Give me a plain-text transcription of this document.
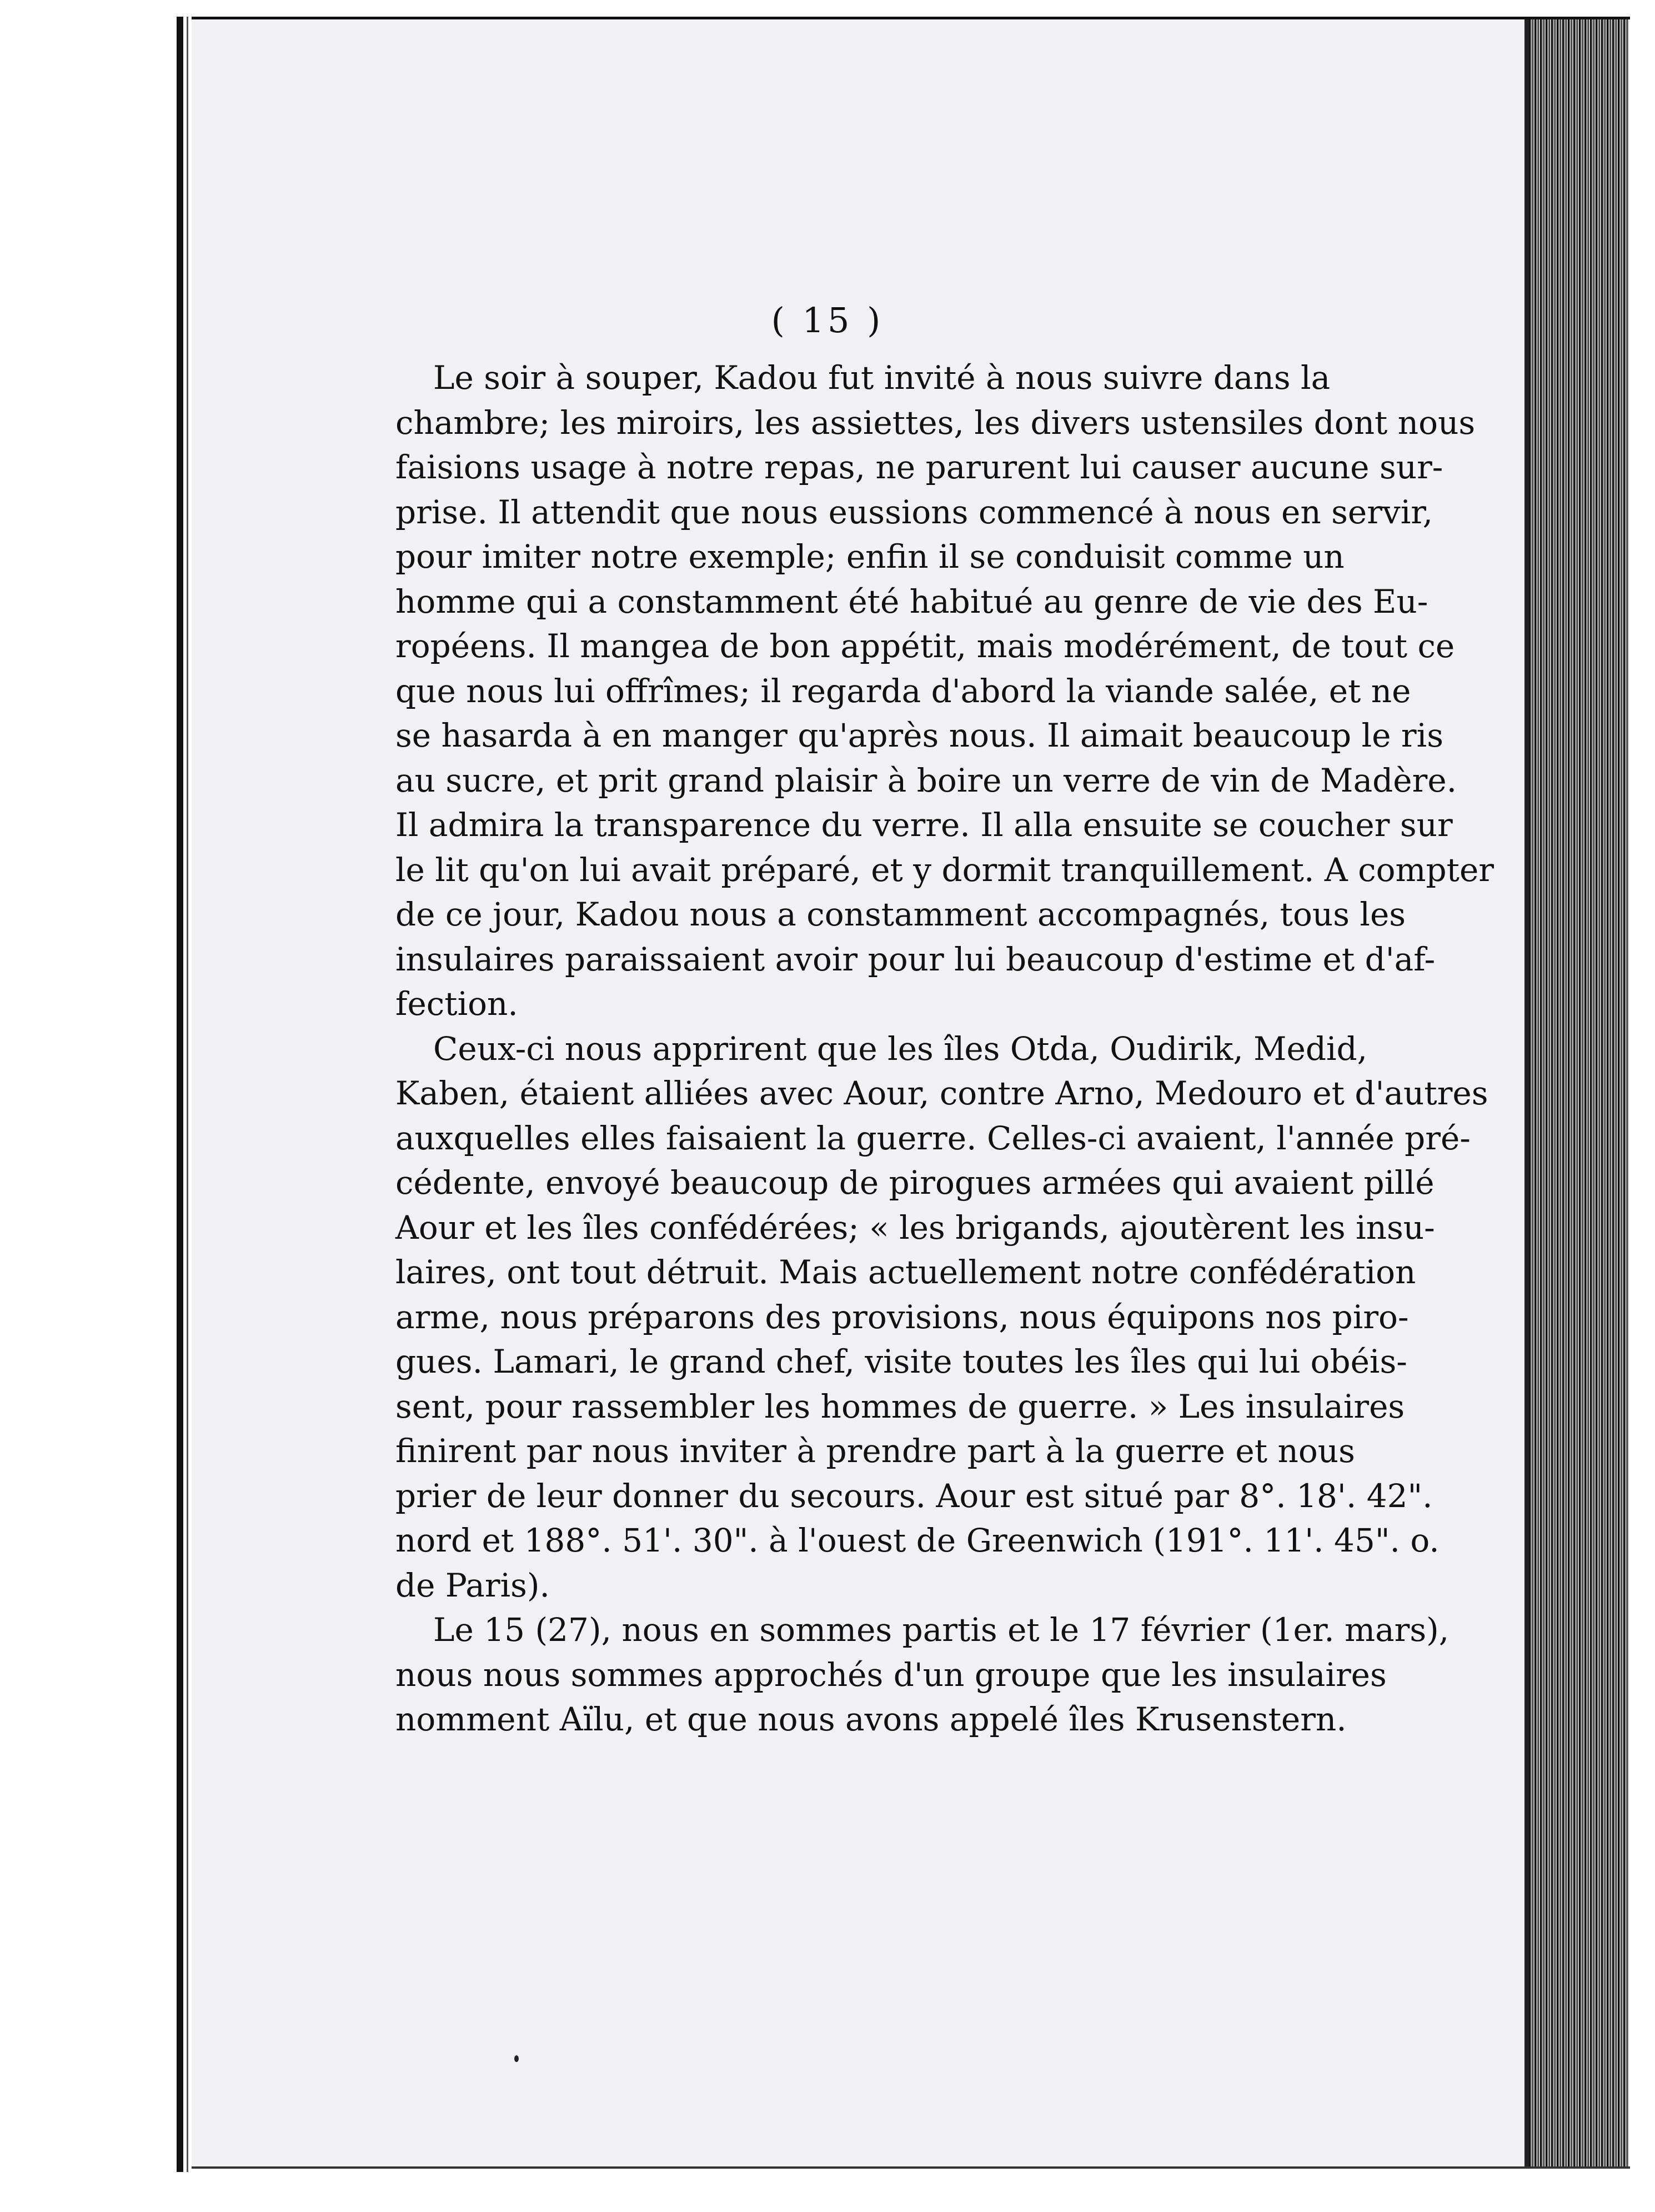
( 15 )
Le soir à souper, Kadou fut invité à nous suivre dans la
chambre; les miroirs, les assiettes, les divers ustensiles dont nous
faisions usage à notre repas, ne parurent lui causer aucune sur-
prise. Il attendit que nous eussions commencé à nous en servir,
pour imiter notre exemple; enfin il se conduisit comme un
homme qui a constamment été habitué au genre de vie des Eu-
ropéens. Il mangea de bon appétit, mais modérément, de tout ce
que nous lui offrîmes; il regarda d'abord la viande salée, et ne
se hasarda à en manger qu'après nous. Il aimait beaucoup le ris
au sucre, et prit grand plaisir à boire un verre de vin de Madère.
Il admira la transparence du verre. Il alla ensuite se coucher sur
le lit qu'on lui avait préparé, et y dormit tranquillement. A compter
de ce jour, Kadou nous a constamment accompagnés, tous les
insulaires paraissaient avoir pour lui beaucoup d'estime et d'af-
fection.
Ceux-ci nous apprirent que les îles Otda, Oudirik, Medid,
Kaben, étaient alliées avec Aour, contre Arno, Medouro et d'autres
auxquelles elles faisaient la guerre. Celles-ci avaient, l'année pré-
cédente, envoyé beaucoup de pirogues armées qui avaient pillé
Aour et les îles confédérées; « les brigands, ajoutèrent les insu-
laires, ont tout détruit. Mais actuellement notre confédération
arme, nous préparons des provisions, nous équipons nos piro-
gues. Lamari, le grand chef, visite toutes les îles qui lui obéis-
sent, pour rassembler les hommes de guerre. » Les insulaires
finirent par nous inviter à prendre part à la guerre et nous
prier de leur donner du secours. Aour est situé par 8°. 18'. 42".
nord et 188°. 51'. 30". à l'ouest de Greenwich (191°. 11'. 45". o.
de Paris).
Le 15 (27), nous en sommes partis et le 17 février (1er. mars),
nous nous sommes approchés d'un groupe que les insulaires
nomment Aïlu, et que nous avons appelé îles Krusenstern.
